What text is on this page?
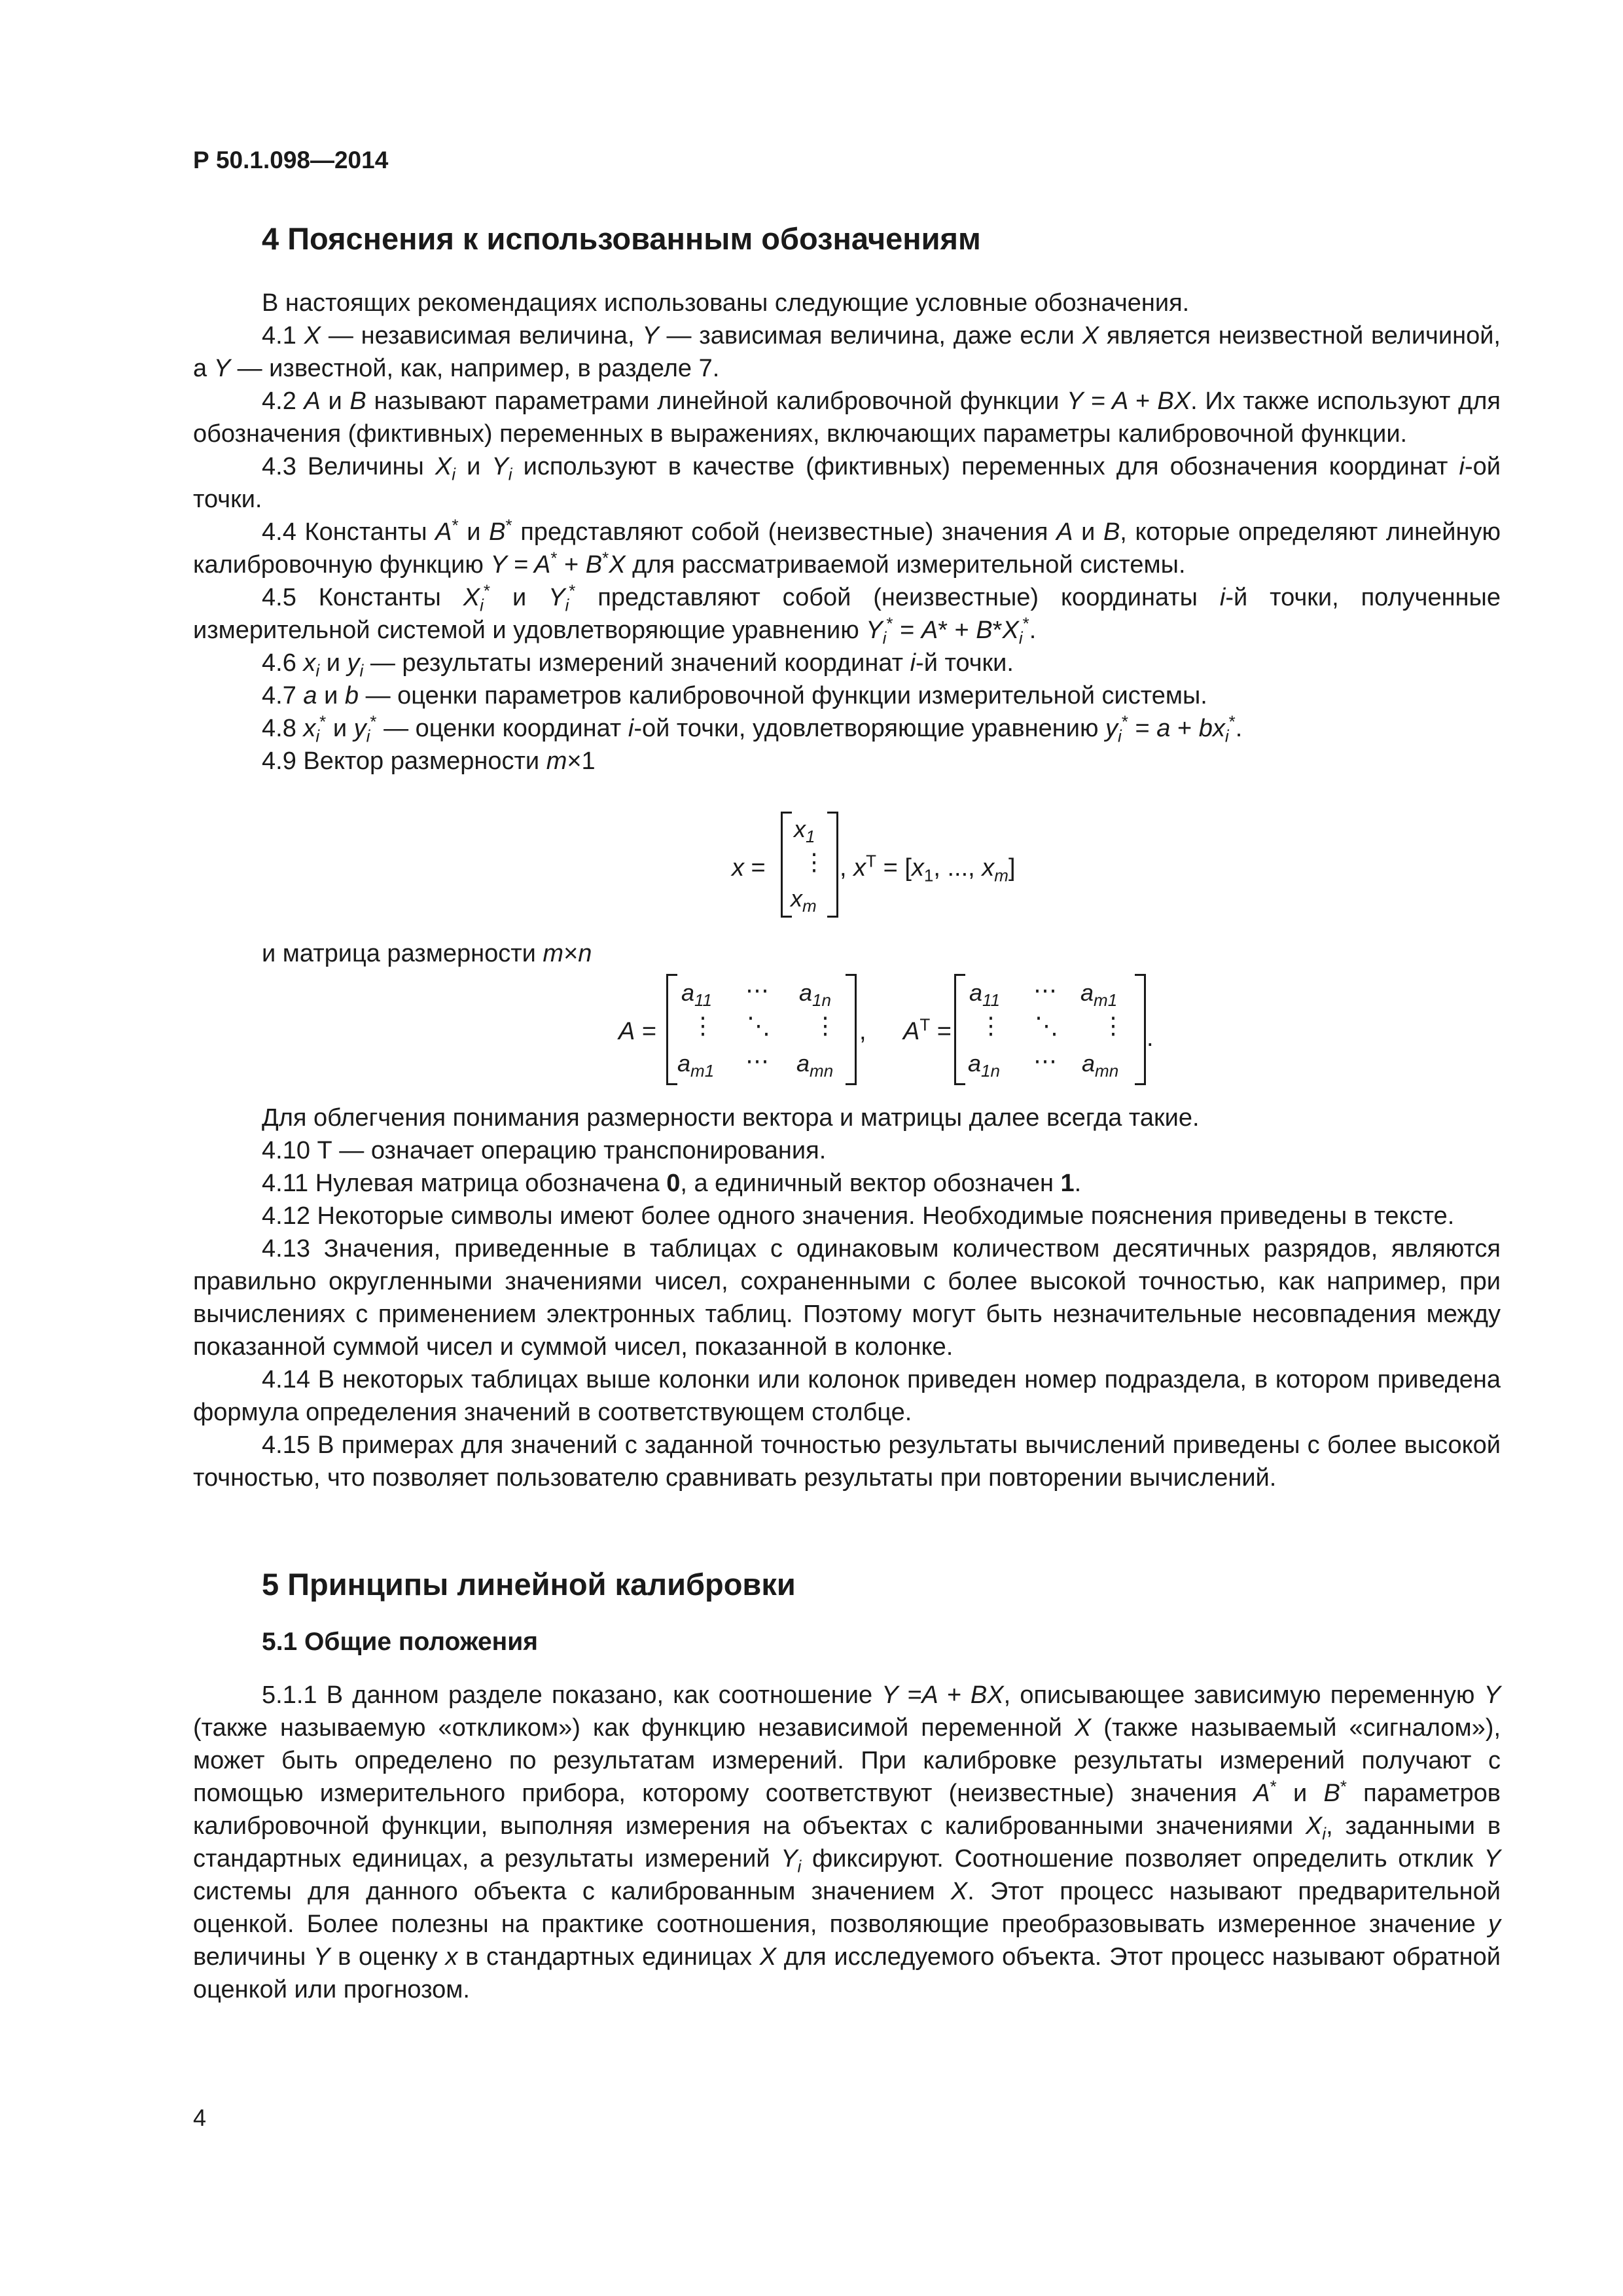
Р 50.1.098—2014
4 Пояснения к использованным обозначениям

В настоящих рекомендациях использованы следующие условные обозначения.

4.1 X — независимая величина, Y — зависимая величина, даже если X является неизвестной величиной, а Y — известной, как, например, в разделе 7.

4.2 A и B называют параметрами линейной калибровочной функции Y = A + BX. Их также используют для обозначения (фиктивных) переменных в выражениях, включающих параметры калибровочной функции.

4.3 Величины $X_i$ и $Y_i$ используют в качестве (фиктивных) переменных для обозначения координат i-ой точки.

4.4 Константы A* и B* представляют собой (неизвестные) значения A и B, которые определяют линейную калибровочную функцию Y = A* + B*X для рассматриваемой измерительной системы.

4.5 Константы $X_i^*$ и $Y_i^*$ представляют собой (неизвестные) координаты i-й точки, полученные измерительной системой и удовлетворяющие уравнению $Y_i^* = A* + B*X_i^*$.

4.6 $x_i$ и $y_i$ — результаты измерений значений координат i-й точки.

4.7 a и b — оценки параметров калибровочной функции измерительной системы.

4.8 $x_i^*$ и $y_i^*$ — оценки координат i-ой точки, удовлетворяющие уравнению $y_i^* = a + bx_i^*$.

4.9 Вектор размерности m×1

x =
$x_1$
⋮
$x_m$
, $x^T = [x_1$, ..., $x_m$]

и матрица размерности m×n

A =
$a_{11}$ ⋯ $a_{1n}$
⋮ ⋱ ⋮
$a_{m1}$ ⋯ $a_{mn}$
, $A^T$ =
$a_{11}$ ⋯ $a_{m1}$
⋮ ⋱ ⋮
$a_{1n}$ ⋯ $a_{mn}$
.

Для облегчения понимания размерности вектора и матрицы далее всегда такие.

4.10 Т — означает операцию транспонирования.

4.11 Нулевая матрица обозначена 0, а единичный вектор обозначен 1.

4.12 Некоторые символы имеют более одного значения. Необходимые пояснения приведены в тексте.

4.13 Значения, приведенные в таблицах с одинаковым количеством десятичных разрядов, являются правильно округленными значениями чисел, сохраненными с более высокой точностью, как например, при вычислениях с применением электронных таблиц. Поэтому могут быть незначительные несовпадения между показанной суммой чисел и суммой чисел, показанной в колонке.

4.14 В некоторых таблицах выше колонки или колонок приведен номер подраздела, в котором приведена формула определения значений в соответствующем столбце.

4.15 В примерах для значений с заданной точностью результаты вычислений приведены с более высокой точностью, что позволяет пользователю сравнивать результаты при повторении вычислений.

5 Принципы линейной калибровки
5.1 Общие положения

5.1.1 В данном разделе показано, как соотношение Y =A + BX, описывающее зависимую переменную Y (также называемую «откликом») как функцию независимой переменной X (также называемый «сигналом»), может быть определено по результатам измерений. При калибровке результаты измерений получают с помощью измерительного прибора, которому соответствуют (неизвестные) значения A* и B* параметров калибровочной функции, выполняя измерения на объектах с калиброванными значениями $X_i$, заданными в стандартных единицах, а результаты измерений $Y_i$ фиксируют. Соотношение позволяет определить отклик Y системы для данного объекта с калиброванным значением X. Этот процесс называют предварительной оценкой. Более полезны на практике соотношения, позволяющие преобразовывать измеренное значение y величины Y в оценку x в стандартных единицах X для исследуемого объекта. Этот процесс называют обратной оценкой или прогнозом.

4
